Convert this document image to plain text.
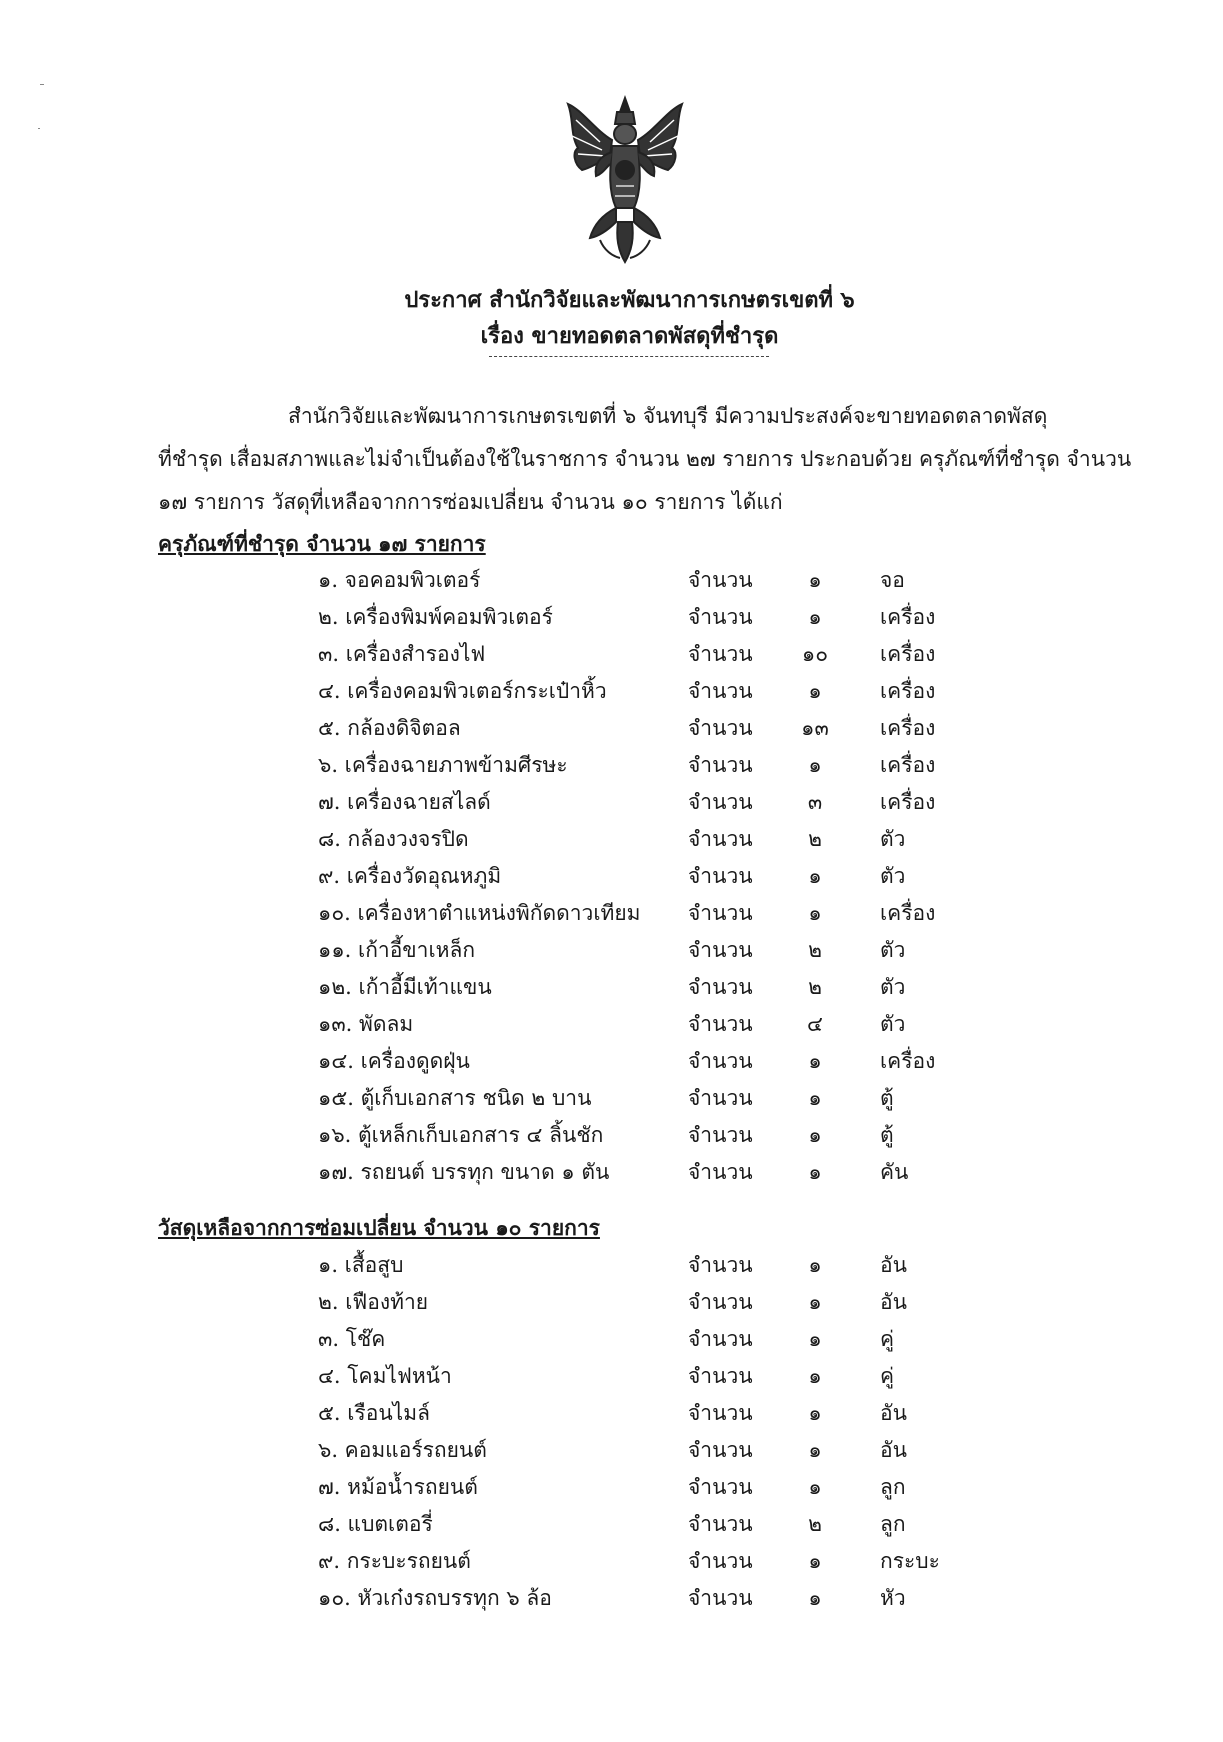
ประกาศ สำนักวิจัยและพัฒนาการเกษตรเขตที่ ๖
เรื่อง ขายทอดตลาดพัสดุที่ชำรุด
สำนักวิจัยและพัฒนาการเกษตรเขตที่ ๖ จันทบุรี มีความประสงค์จะขายทอดตลาดพัสดุ
ที่ชำรุด เสื่อมสภาพและไม่จำเป็นต้องใช้ในราชการ จำนวน ๒๗ รายการ ประกอบด้วย ครุภัณฑ์ที่ชำรุด จำนวน
๑๗ รายการ วัสดุที่เหลือจากการซ่อมเปลี่ยน จำนวน ๑๐ รายการ ได้แก่
ครุภัณฑ์ที่ชำรุด จำนวน ๑๗ รายการ
๑. จอคอมพิวเตอร์	จำนวน	๑	จอ
๒. เครื่องพิมพ์คอมพิวเตอร์	จำนวน	๑	เครื่อง
๓. เครื่องสำรองไฟ	จำนวน	๑๐	เครื่อง
๔. เครื่องคอมพิวเตอร์กระเป๋าหิ้ว	จำนวน	๑	เครื่อง
๕. กล้องดิจิตอล	จำนวน	๑๓	เครื่อง
๖. เครื่องฉายภาพข้ามศีรษะ	จำนวน	๑	เครื่อง
๗. เครื่องฉายสไลด์	จำนวน	๓	เครื่อง
๘. กล้องวงจรปิด	จำนวน	๒	ตัว
๙. เครื่องวัดอุณหภูมิ	จำนวน	๑	ตัว
๑๐. เครื่องหาตำแหน่งพิกัดดาวเทียม จำนวน	๑	เครื่อง
๑๑. เก้าอี้ขาเหล็ก	จำนวน	๒	ตัว
๑๒. เก้าอี้มีเท้าแขน	จำนวน	๒	ตัว
๑๓. พัดลม	จำนวน	๔	ตัว
๑๔. เครื่องดูดฝุ่น	จำนวน	๑	เครื่อง
๑๕. ตู้เก็บเอกสาร ชนิด ๒ บาน	จำนวน	๑	ตู้
๑๖. ตู้เหล็กเก็บเอกสาร ๔ ลิ้นชัก	จำนวน	๑	ตู้
๑๗. รถยนต์ บรรทุก ขนาด ๑ ตัน	จำนวน	๑	คัน
วัสดุเหลือจากการซ่อมเปลี่ยน จำนวน ๑๐ รายการ
๑. เสื้อสูบ	จำนวน	๑	อัน
๒. เฟืองท้าย	จำนวน	๑	อัน
๓. โช๊ค	จำนวน	๑	คู่
๔. โคมไฟหน้า	จำนวน	๑	คู่
๕. เรือนไมล์	จำนวน	๑	อัน
๖. คอมแอร์รถยนต์	จำนวน	๑	อัน
๗. หม้อน้ำรถยนต์	จำนวน	๑	ลูก
๘. แบตเตอรี่	จำนวน	๒	ลูก
๙. กระบะรถยนต์	จำนวน	๑	กระบะ
๑๐. หัวเก๋งรถบรรทุก ๖ ล้อ	จำนวน	๑	หัว
